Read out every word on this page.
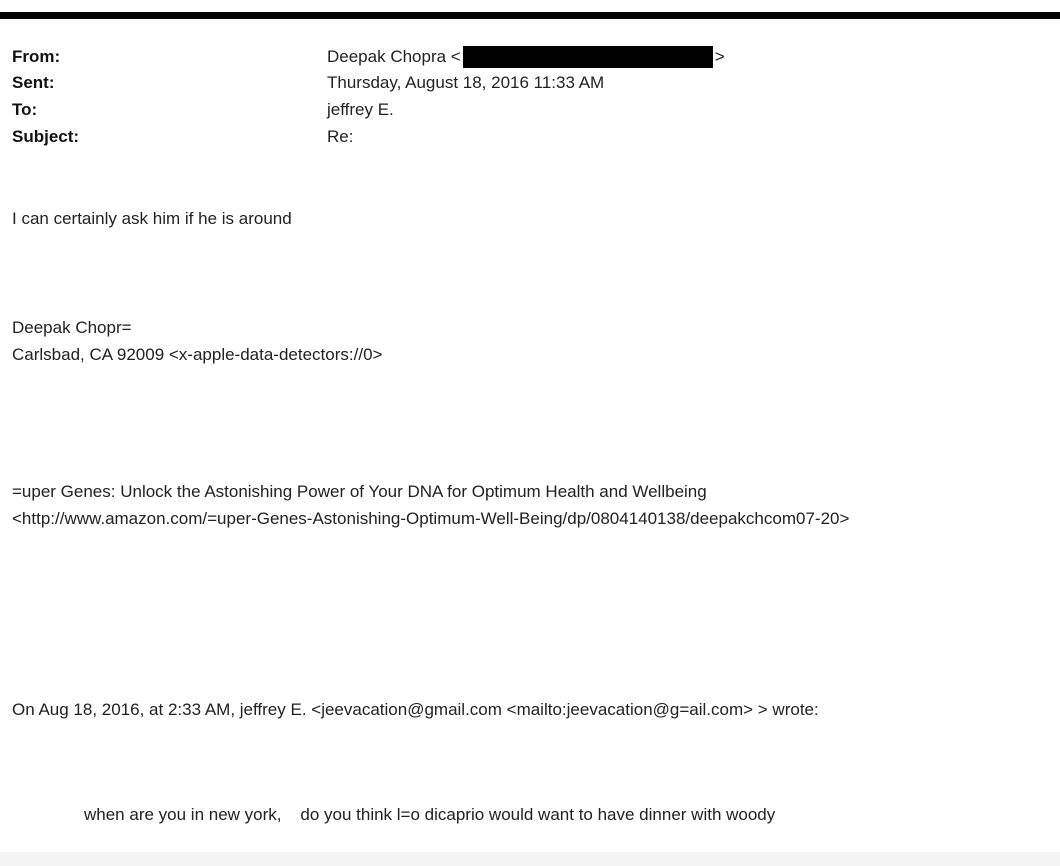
From:	Deepak Chopra <	>
Sent:	Thursday, August 18, 2016 11:33 AM
To:	jeffrey E.
Subject:	Re:
I can certainly ask him if he is around
Deepak Chopr=
Carlsbad, CA 92009 <x-apple-data-detectors://0>
=uper Genes: Unlock the Astonishing Power of Your DNA for Optimum Health and Wellbeing
<http://www.amazon.com/=uper-Genes-Astonishing-Optimum-Well-Being/dp/0804140138/deepakchcom07-20>
On Aug 18, 2016, at 2:33 AM, jeffrey E. <jeevacation@gmail.com <mailto:jeevacation@g=ail.com> > wrote:
when are you in new york,    do you think l=o dicaprio would want to have dinner with woody
